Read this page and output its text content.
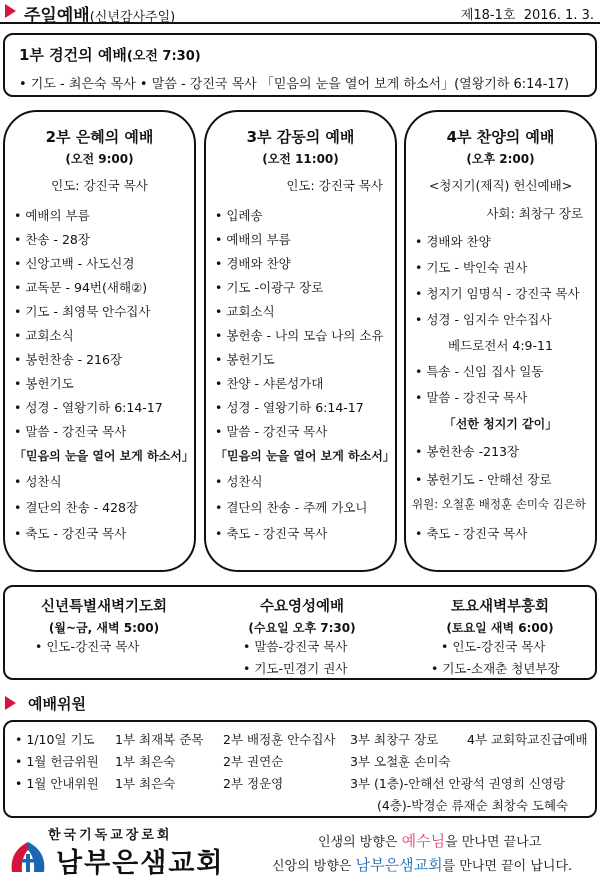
주일예배(신년감사주일)	제18-1호 2016. 1. 3.
1부 경건의 예배(오전 7:30)
• 기도 - 최은숙 목사 • 말씀 - 강진국 목사 「믿음의 눈을 열어 보게 하소서」(열왕기하 6:14-17)
2부 은혜의 예배
(오전 9:00)
인도: 강진국 목사
• 예배의 부름
• 찬송 - 28장
• 신앙고백 - 사도신경
• 교독문 - 94번(새해②)
• 기도 - 최영묵 안수집사
• 교회소식
• 봉헌찬송 - 216장
• 봉헌기도
• 성경 - 열왕기하 6:14-17
• 말씀 - 강진국 목사
「믿음의 눈을 열어 보게 하소서」
• 성찬식
• 결단의 찬송 - 428장
• 축도 - 강진국 목사
3부 감동의 예배
(오전 11:00)
인도: 강진국 목사
• 입례송
• 예배의 부름
• 경배와 찬양
• 기도 -이광구 장로
• 교회소식
• 봉헌송 - 나의 모습 나의 소유
• 봉헌기도
• 찬양 - 샤론성가대
• 성경 - 열왕기하 6:14-17
• 말씀 - 강진국 목사
「믿음의 눈을 열어 보게 하소서」
• 성찬식
• 결단의 찬송 - 주께 가오니
• 축도 - 강진국 목사
4부 찬양의 예배
(오후 2:00)
<청지기(제직) 헌신예배>
사회: 최창구 장로
• 경배와 찬양
• 기도 - 박인숙 권사
• 청지기 임명식 - 강진국 목사
• 성경 - 임지수 안수집사
베드로전서 4:9-11
• 특송 - 신임 집사 일동
• 말씀 - 강진국 목사
「선한 청지기 같이」
• 봉헌찬송 -213장
• 봉헌기도 - 안해선 장로
위원: 오철훈 배정훈 손미숙 김은하
• 축도 - 강진국 목사
신년특별새벽기도회
(월~금, 새벽 5:00)
• 인도-강진국 목사
수요영성예배
(수요일 오후 7:30)
• 말씀-강진국 목사
• 기도-민경기 권사
토요새벽부흥회
(토요일 새벽 6:00)
• 인도-강진국 목사
• 기도-소재춘 청년부장
예배위원
• 1/10일 기도 1부 최재복 준목 2부 배정훈 안수집사 3부 최창구 장로 4부 교회학교진급예배
• 1월 헌금위원 1부 최은숙	2부 권연순	3부 오철훈 손미숙
• 1월 안내위원 1부 최은숙	2부 정운영	3부 (1층)-안해선 안광석 권영희 신영랑
(4층)-박경순 류재순 최창숙 도혜숙
한국기독교장로회
남부은샘교회
인생의 방향은 예수님을 만나면 끝나고
신앙의 방향은 남부은샘교회를 만나면 끝이 납니다.
